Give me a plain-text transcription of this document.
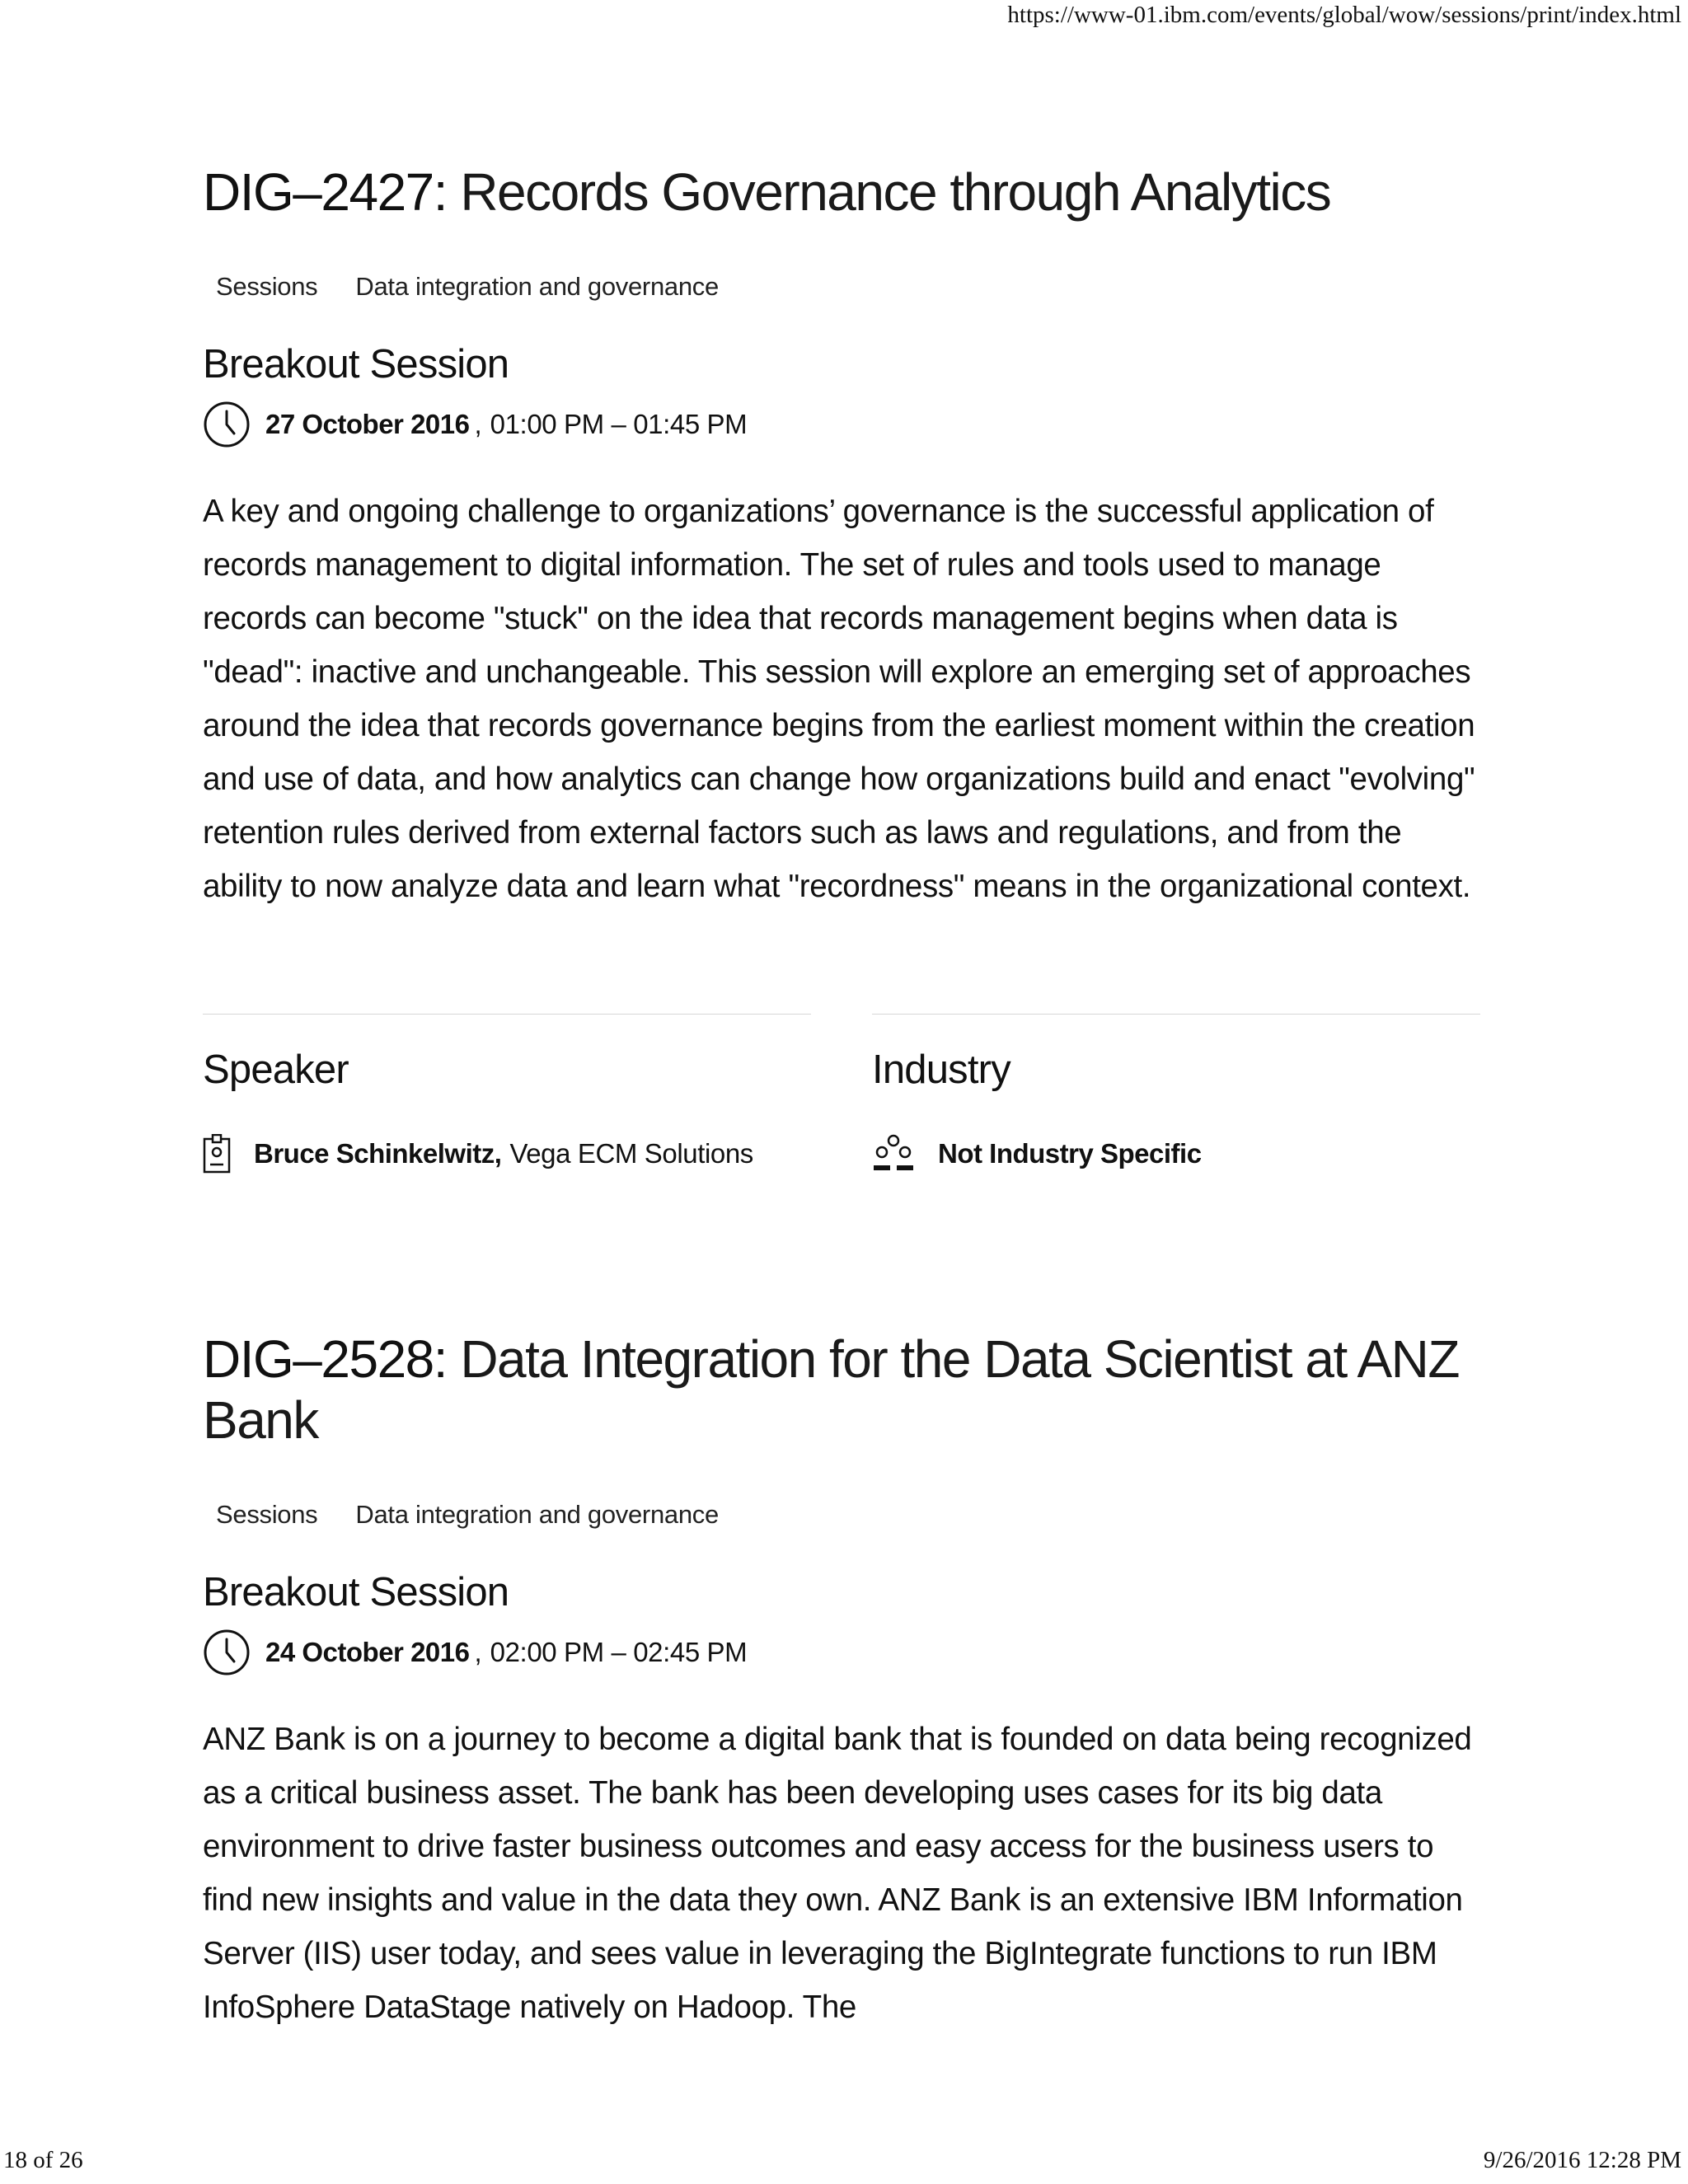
https://www-01.ibm.com/events/global/wow/sessions/print/index.html
DIG–2427: Records Governance through Analytics
Sessions Data integration and governance
Breakout Session
27 October 2016 , 01:00 PM – 01:45 PM

A key and ongoing challenge to organizations’ governance is the successful application of records management to digital information. The set of rules and tools used to manage records can become "stuck" on the idea that records management begins when data is "dead": inactive and unchangeable. This session will explore an emerging set of approaches around the idea that records governance begins from the earliest moment within the creation and use of data, and how analytics can change how organizations build and enact "evolving" retention rules derived from external factors such as laws and regulations, and from the ability to now analyze data and learn what "recordness" means in the organizational context.

Speaker	Industry
Bruce Schinkelwitz, Vega ECM Solutions	Not Industry Specific
DIG–2528: Data Integration for the Data Scientist at ANZ Bank
Sessions Data integration and governance
Breakout Session
24 October 2016 , 02:00 PM – 02:45 PM

ANZ Bank is on a journey to become a digital bank that is founded on data being recognized as a critical business asset. The bank has been developing uses cases for its big data environment to drive faster business outcomes and easy access for the business users to find new insights and value in the data they own. ANZ Bank is an extensive IBM Information Server (IIS) user today, and sees value in leveraging the BigIntegrate functions to run IBM InfoSphere DataStage natively on Hadoop. The

18 of 26	9/26/2016 12:28 PM
